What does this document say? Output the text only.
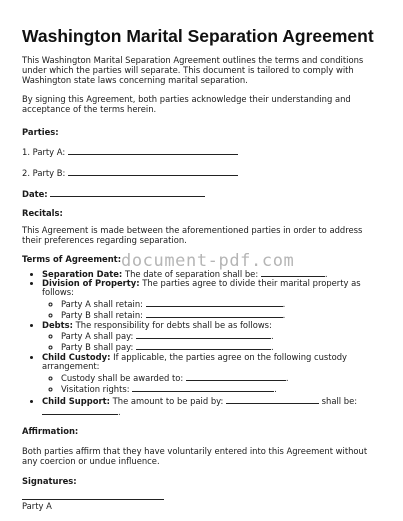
Washington Marital Separation Agreement

This Washington Marital Separation Agreement outlines the terms and conditions under which the parties will separate. This document is tailored to comply with Washington state laws concerning marital separation.

By signing this Agreement, both parties acknowledge their understanding and acceptance of the terms herein.

Parties:

1. Party A:
2. Party B:
Date:

Recitals:

This Agreement is made between the aforementioned parties in order to address their preferences regarding separation.

Terms of Agreement:

• Separation Date: The date of separation shall be:	.
• Division of Property: The parties agree to divide their marital property as follows:
◦ Party A shall retain:	.
◦ Party B shall retain:	.
• Debts: The responsibility for debts shall be as follows:
◦ Party A shall pay:	.
◦ Party B shall pay:	.
• Child Custody: If applicable, the parties agree on the following custody arrangement:
◦ Custody shall be awarded to:	.
◦ Visitation rights:	.
• Child Support: The amount to be paid by:	shall be: .

Affirmation:

Both parties affirm that they have voluntarily entered into this Agreement without any coercion or undue influence.

Signatures:

Party A

document-pdf.com
